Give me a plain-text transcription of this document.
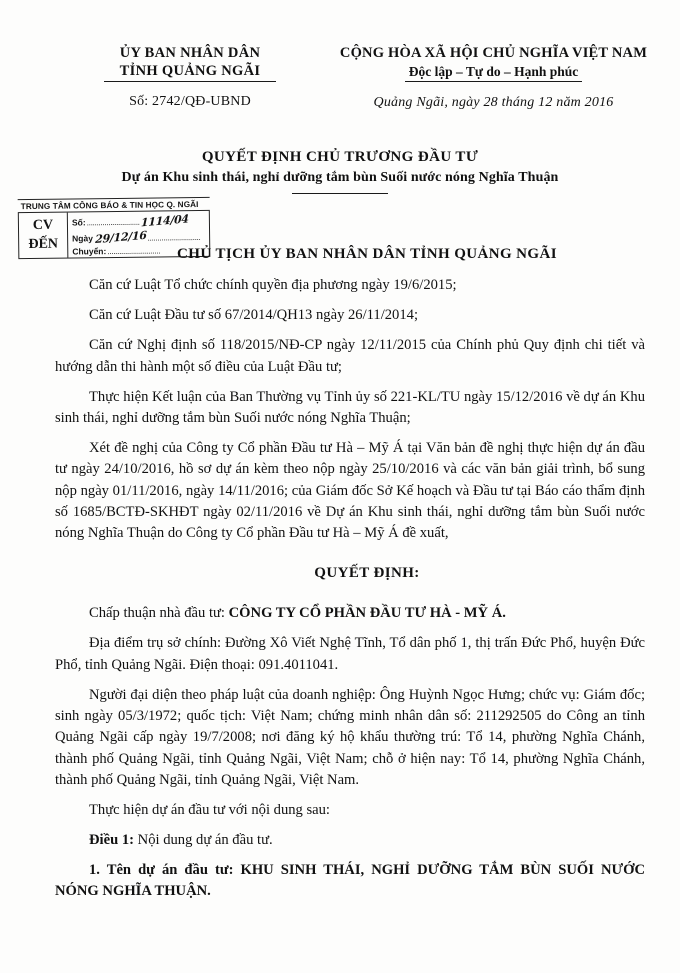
ỦY BAN NHÂN DÂN
TỈNH QUẢNG NGÃI
Số: 2742/QĐ-UBND
CỘNG HÒA XÃ HỘI CHỦ NGHĨA VIỆT NAM
Độc lập – Tự do – Hạnh phúc
Quảng Ngãi, ngày 28 tháng 12 năm 2016
QUYẾT ĐỊNH CHỦ TRƯƠNG ĐẦU TƯ
Dự án Khu sinh thái, nghỉ dưỡng tắm bùn Suối nước nóng Nghĩa Thuận
TRUNG TÂM CÔNG BÁO & TIN HỌC Q. NGÃI
CV
ĐẾN
Số: ........................... 1114/04
Ngày 29/12/16 ...........................
Chuyển: ...........................	CHỦ TỊCH ỦY BAN NHÂN DÂN TỈNH QUẢNG NGÃI

Căn cứ Luật Tổ chức chính quyền địa phương ngày 19/6/2015;

Căn cứ Luật Đầu tư số 67/2014/QH13 ngày 26/11/2014;

Căn cứ Nghị định số 118/2015/NĐ-CP ngày 12/11/2015 của Chính phủ Quy định chi tiết và hướng dẫn thi hành một số điều của Luật Đầu tư;

Thực hiện Kết luận của Ban Thường vụ Tỉnh ủy số 221-KL/TU ngày 15/12/2016 về dự án Khu sinh thái, nghỉ dưỡng tắm bùn Suối nước nóng Nghĩa Thuận;

Xét đề nghị của Công ty Cổ phần Đầu tư Hà – Mỹ Á tại Văn bản đề nghị thực hiện dự án đầu tư ngày 24/10/2016, hồ sơ dự án kèm theo nộp ngày 25/10/2016 và các văn bản giải trình, bổ sung nộp ngày 01/11/2016, ngày 14/11/2016; của Giám đốc Sở Kế hoạch và Đầu tư tại Báo cáo thẩm định số 1685/BCTĐ-SKHĐT ngày 02/11/2016 về Dự án Khu sinh thái, nghỉ dưỡng tắm bùn Suối nước nóng Nghĩa Thuận do Công ty Cổ phần Đầu tư Hà – Mỹ Á đề xuất,

QUYẾT ĐỊNH:

Chấp thuận nhà đầu tư: CÔNG TY CỔ PHẦN ĐẦU TƯ HÀ - MỸ Á.

Địa điểm trụ sở chính: Đường Xô Viết Nghệ Tĩnh, Tổ dân phố 1, thị trấn Đức Phổ, huyện Đức Phổ, tỉnh Quảng Ngãi. Điện thoại: 091.4011041.

Người đại diện theo pháp luật của doanh nghiệp: Ông Huỳnh Ngọc Hưng; chức vụ: Giám đốc; sinh ngày 05/3/1972; quốc tịch: Việt Nam; chứng minh nhân dân số: 211292505 do Công an tỉnh Quảng Ngãi cấp ngày 19/7/2008; nơi đăng ký hộ khẩu thường trú: Tổ 14, phường Nghĩa Chánh, thành phố Quảng Ngãi, tỉnh Quảng Ngãi, Việt Nam; chỗ ở hiện nay: Tổ 14, phường Nghĩa Chánh, thành phố Quảng Ngãi, tỉnh Quảng Ngãi, Việt Nam.

Thực hiện dự án đầu tư với nội dung sau:

Điều 1: Nội dung dự án đầu tư.

1. Tên dự án đầu tư: KHU SINH THÁI, NGHỈ DƯỠNG TẮM BÙN SUỐI NƯỚC NÓNG NGHĨA THUẬN.
